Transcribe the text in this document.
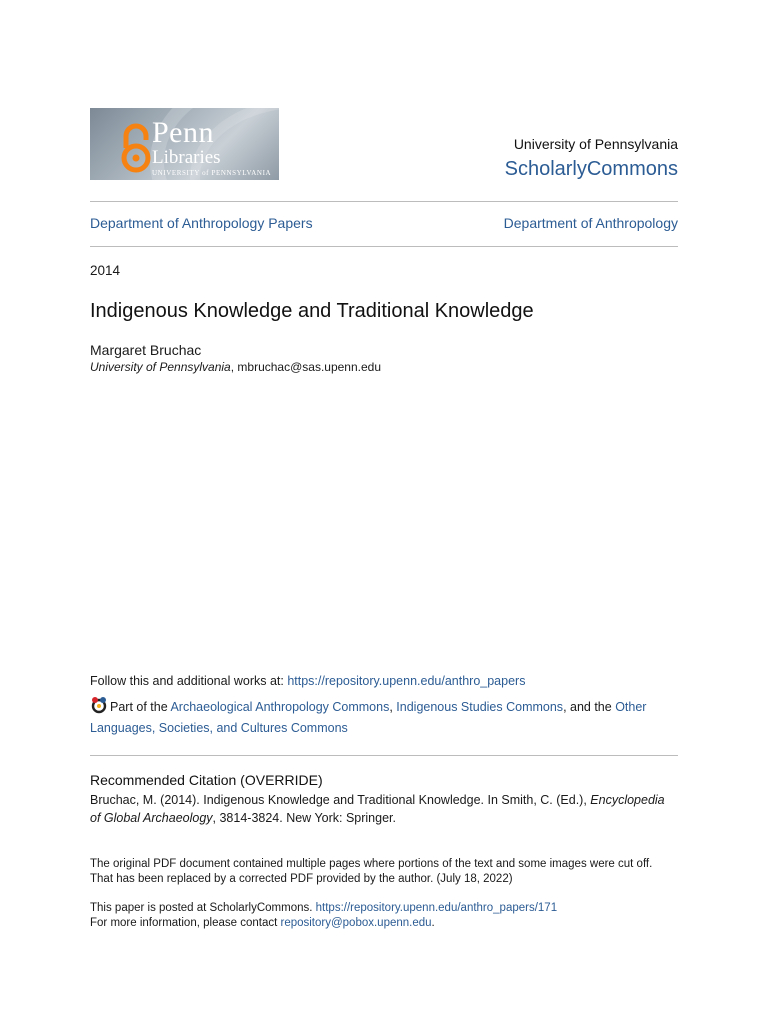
Penn
Libraries
UNIVERSITY of PENNSYLVANIA
University of Pennsylvania
ScholarlyCommons
Department of Anthropology Papers	Department of Anthropology
2014
Indigenous Knowledge and Traditional Knowledge
Margaret Bruchac
University of Pennsylvania, mbruchac@sas.upenn.edu
Follow this and additional works at: https://repository.upenn.edu/anthro_papers
Part of the Archaeological Anthropology Commons, Indigenous Studies Commons, and the Other Languages, Societies, and Cultures Commons
Recommended Citation (OVERRIDE)
Bruchac, M. (2014). Indigenous Knowledge and Traditional Knowledge. In Smith, C. (Ed.), Encyclopedia of Global Archaeology, 3814-3824. New York: Springer.
The original PDF document contained multiple pages where portions of the text and some images were cut off.
That has been replaced by a corrected PDF provided by the author. (July 18, 2022)
This paper is posted at ScholarlyCommons. https://repository.upenn.edu/anthro_papers/171
For more information, please contact repository@pobox.upenn.edu.
